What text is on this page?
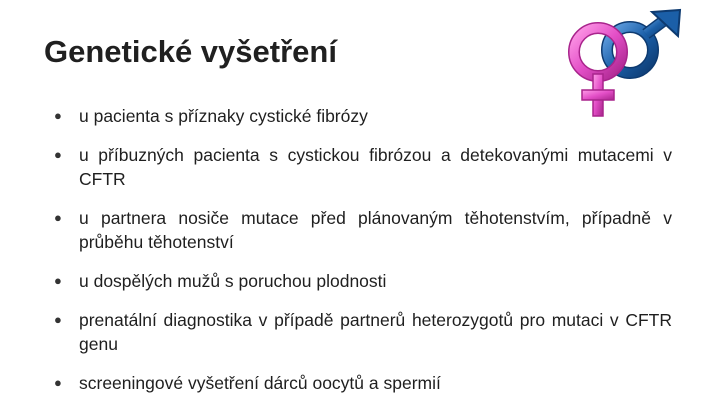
Genetické vyšetření
● u pacienta s příznaky cystické fibrózy
● u příbuzných pacienta s cystickou fibrózou a detekovanými mutacemi v CFTR
● u partnera nosiče mutace před plánovaným těhotenstvím, případně v průběhu těhotenství
● u dospělých mužů s poruchou plodnosti
● prenatální diagnostika v případě partnerů heterozygotů pro mutaci v CFTR genu
● screeningové vyšetření dárců oocytů a spermií
